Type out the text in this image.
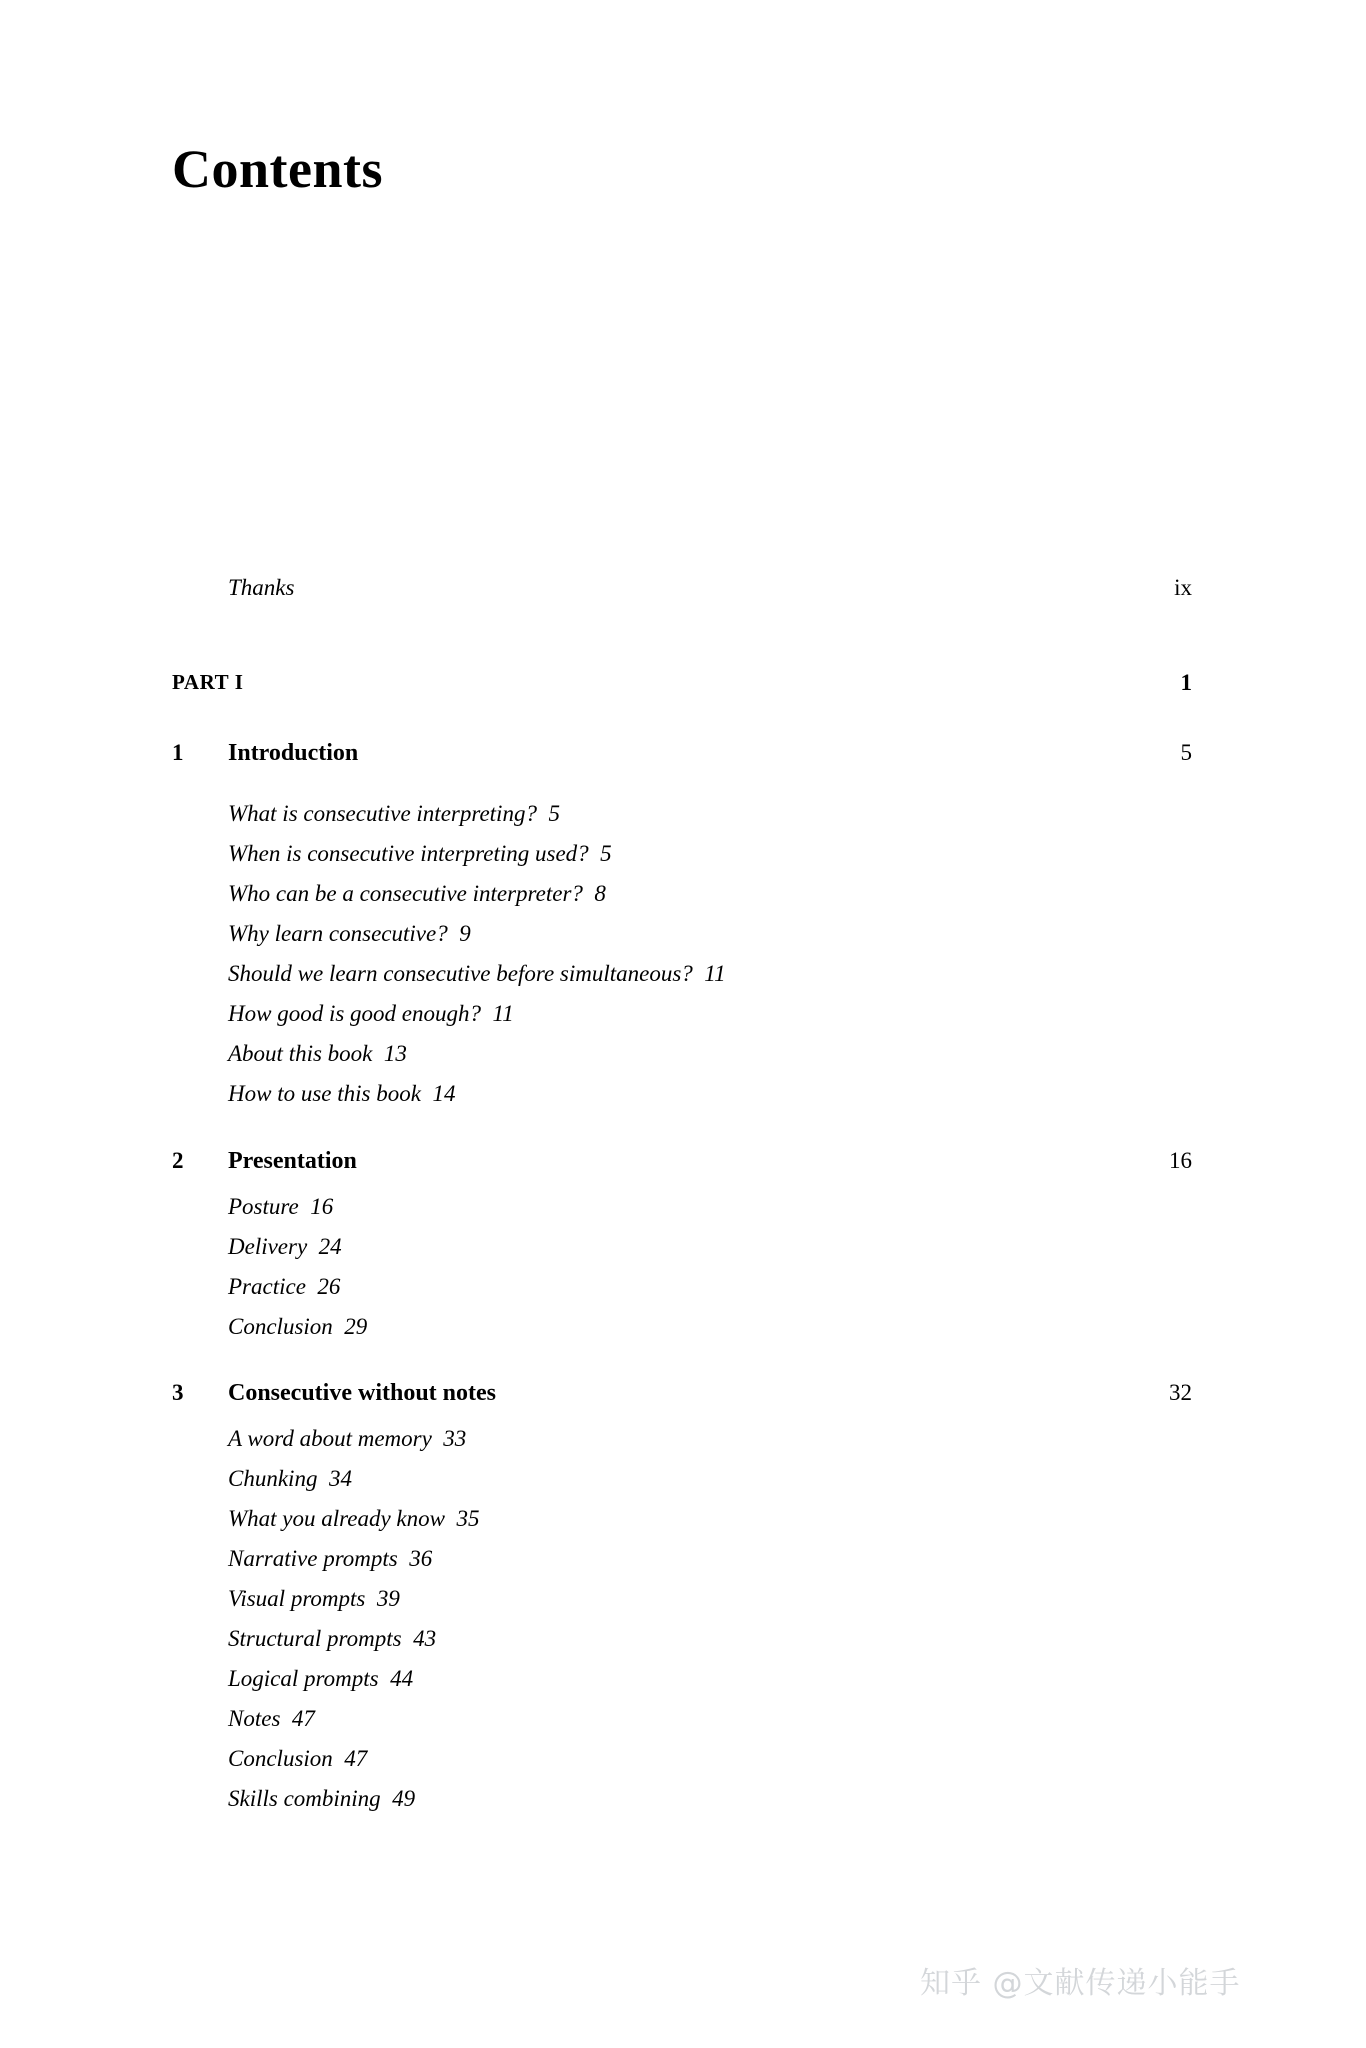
Contents
Thanks	ix
PART I	1
1 Introduction	5
What is consecutive interpreting?  5
When is consecutive interpreting used?  5
Who can be a consecutive interpreter?  8
Why learn consecutive?  9
Should we learn consecutive before simultaneous?  11
How good is good enough?  11
About this book  13
How to use this book  14
2 Presentation	16
Posture  16
Delivery  24
Practice  26
Conclusion  29
3 Consecutive without notes	32
A word about memory  33
Chunking  34
What you already know  35
Narrative prompts  36
Visual prompts  39
Structural prompts  43
Logical prompts  44
Notes  47
Conclusion  47
Skills combining  49
知乎 @文献传递小能手
